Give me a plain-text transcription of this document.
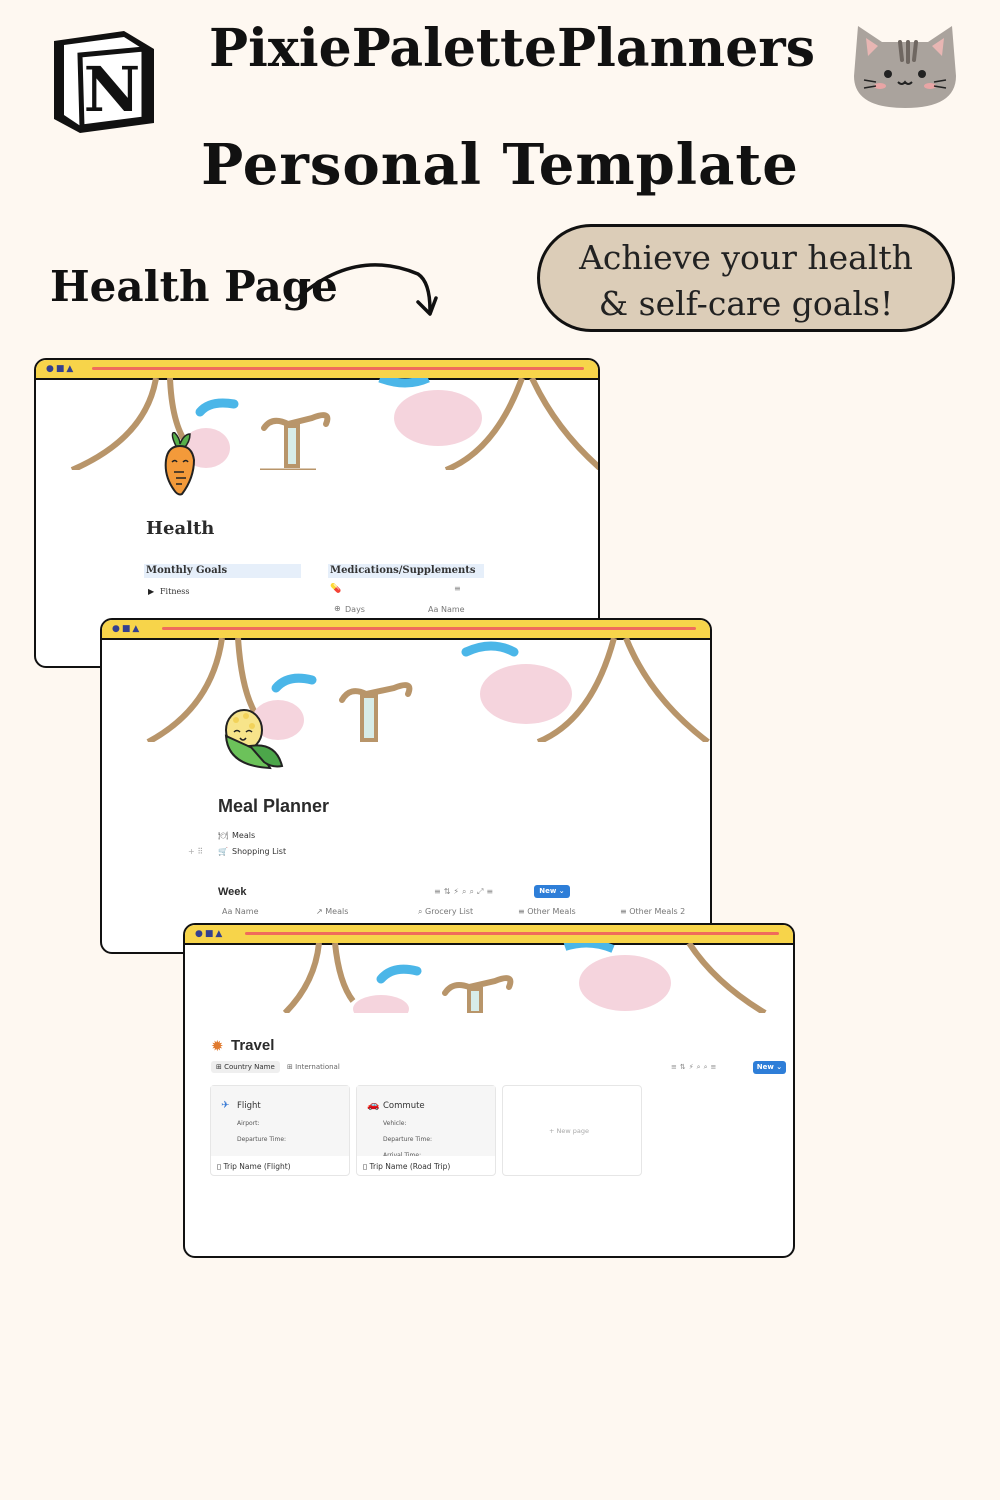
N
PixiePalettePlanners
Personal Template
Health Page
Achieve your health
& self-care goals!
●■▲
Health
Monthly Goals
▶ Fitness
Medications/Supplements
💊	≡
⊕ Days	Aa Name
●■▲
Meal Planner
🍽 Meals
+ ⠿ 🛒 Shopping List
Week	≡⇅⚡⌕⌕⤢≡	New ⌄
Aa Name	↗ Meals	⌕ Grocery List	≡ Other Meals	≡ Other Meals 2
●■▲
✹ Travel
⊞ Country Name	⊞ International	≡⇅⚡⌕⌕≡	New ⌄
✈ Flight
Airport:
Departure Time:
▯ Trip Name (Flight)
🚗 Commute
Vehicle:
Departure Time:
Arrival Time:
▯ Trip Name (Road Trip)
+ New page
